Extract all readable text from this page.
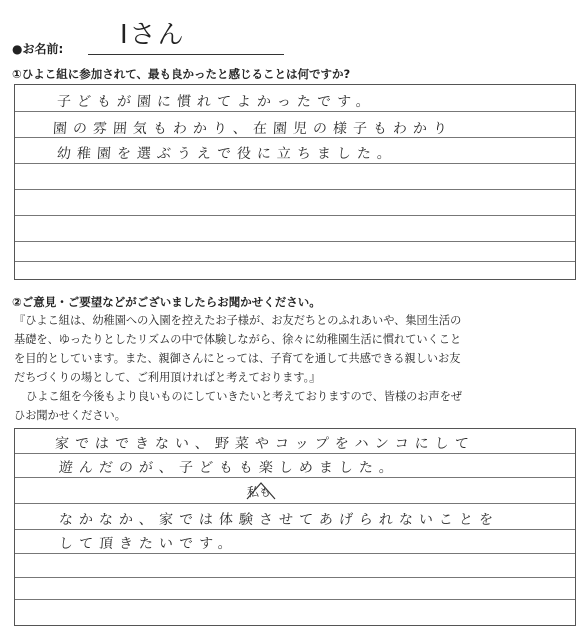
Iさん
●お名前:
①ひよこ組に参加されて、最も良かったと感じることは何ですか?
子どもが園に慣れてよかったです。
園の雰囲気もわかり、在園児の様子もわかり
幼稚園を選ぶうえで役に立ちました。
②ご意見・ご要望などがございましたらお聞かせください。
『ひよこ組は、幼稚園への入園を控えたお子様が、お友だちとのふれあいや、集団生活の
基礎を、ゆったりとしたリズムの中で体験しながら、徐々に幼稚園生活に慣れていくこと
を目的としています。また、親御さんにとっては、子育てを通して共感できる親しいお友
だちづくりの場として、ご利用頂ければと考えております。』
ひよこ組を今後もより良いものにしていきたいと考えておりますので、皆様のお声をぜ
ひお聞かせください。
家ではできない、野菜やコップをハンコにして
遊んだのが、子どもも楽しめました。
私も
なかなか、家では体験させてあげられないことを
して頂きたいです。
